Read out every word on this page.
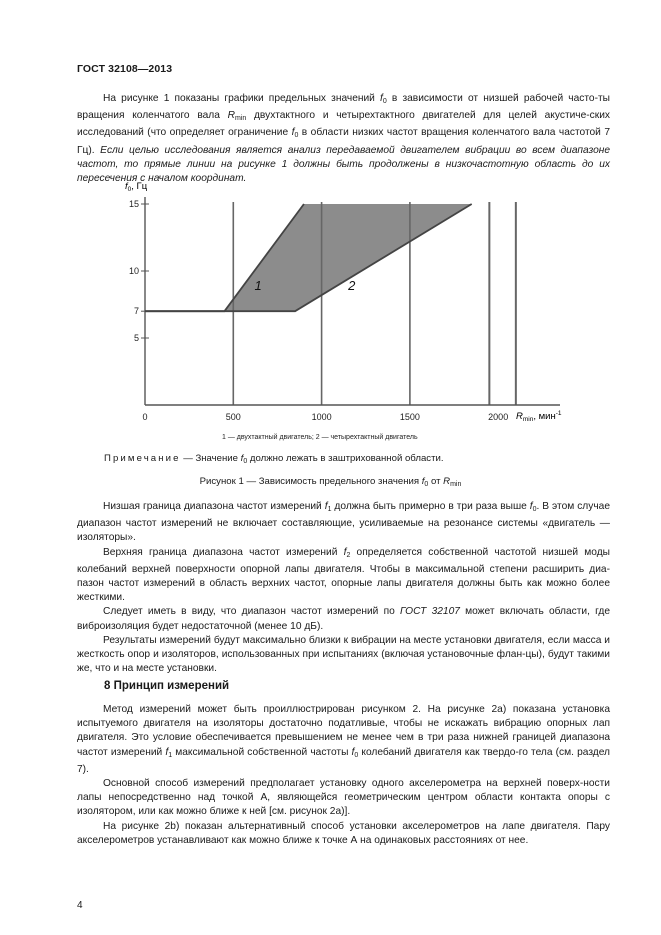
ГОСТ 32108—2013

На рисунке 1 показаны графики предельных значений $f_0$ в зависимости от низшей рабочей часто-ты вращения коленчатого вала $R_{min}$ двухтактного и четырехтактного двигателей для целей акустиче-ских исследований (что определяет ограничение $f_0$ в области низких частот вращения коленчатого вала частотой 7 Гц). Если целью исследования является анализ передаваемой двигателем вибрации во всем диапазоне частот, то прямые линии на рисунке 1 должны быть продолжены в низкочастотную область до их пересечения с началом координат.

5
7
10
15
0	500	1000	1500	2000
1	2
$f_0$, Гц
$R_{min}$, мин$^{-1}$
1 — двухтактный двигатель; 2 — четырехтактный двигатель
Примечание — Значение $f_0$ должно лежать в заштрихованной области.
Рисунок 1 — Зависимость предельного значения $f_0$ от $R_{min}$

Низшая граница диапазона частот измерений $f_1$ должна быть примерно в три раза выше $f_0$. В этом случае диапазон частот измерений не включает составляющие, усиливаемые на резонансе системы «двигатель — изоляторы».

Верхняя граница диапазона частот измерений $f_2$ определяется собственной частотой низшей моды колебаний верхней поверхности опорной лапы двигателя. Чтобы в максимальной степени расширить диа-пазон частот измерений в область верхних частот, опорные лапы двигателя должны быть как можно более жесткими.

Следует иметь в виду, что диапазон частот измерений по ГОСТ 32107 может включать области, где виброизоляция будет недостаточной (менее 10 дБ).

Результаты измерений будут максимально близки к вибрации на месте установки двигателя, если масса и жесткость опор и изоляторов, использованных при испытаниях (включая установочные флан-цы), будут такими же, что и на месте установки.

8 Принцип измерений

Метод измерений может быть проиллюстрирован рисунком 2. На рисунке 2а) показана установка испытуемого двигателя на изоляторы достаточно податливые, чтобы не искажать вибрацию опорных лап двигателя. Это условие обеспечивается превышением не менее чем в три раза нижней границей диапазона частот измерений $f_1$ максимальной собственной частоты $f_0$ колебаний двигателя как твердо-го тела (см. раздел 7).

Основной способ измерений предполагает установку одного акселерометра на верхней поверх-ности лапы непосредственно над точкой А, являющейся геометрическим центром области контакта опоры с изолятором, или как можно ближе к ней [см. рисунок 2а)].

На рисунке 2b) показан альтернативный способ установки акселерометров на лапе двигателя. Пару акселерометров устанавливают как можно ближе к точке А на одинаковых расстояниях от нее.

4
